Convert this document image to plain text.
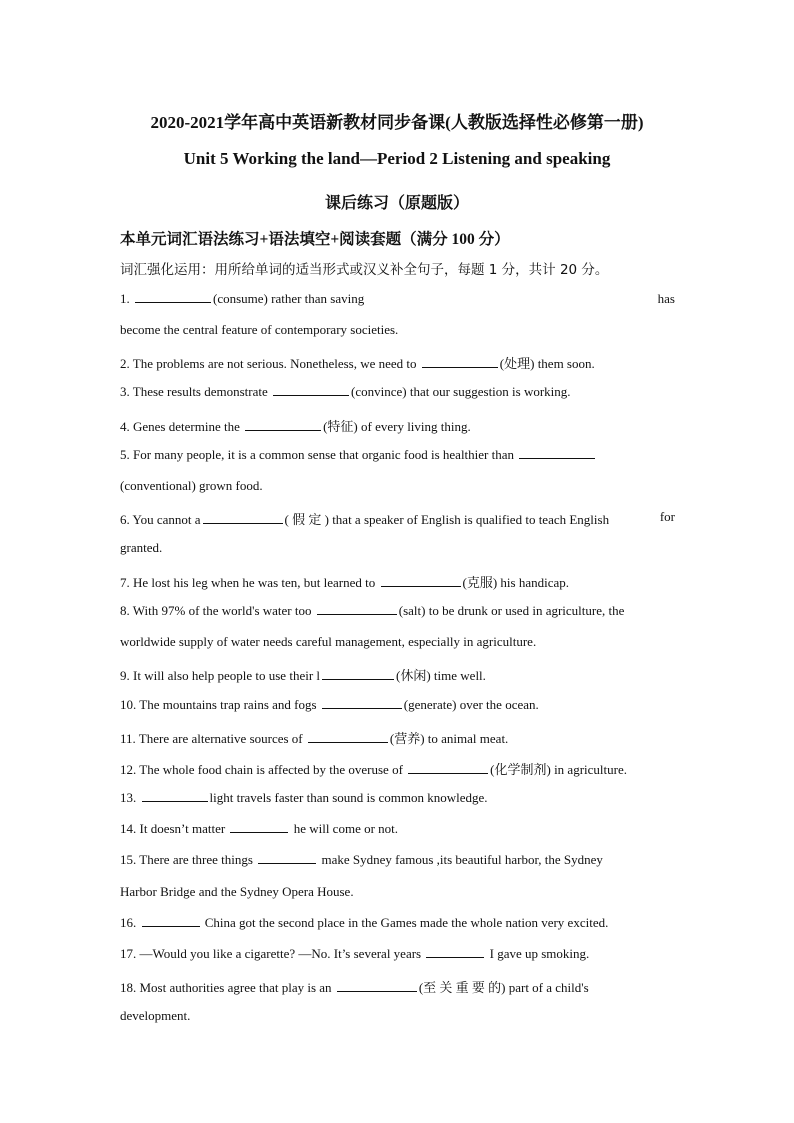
2020-2021学年高中英语新教材同步备课(人教版选择性必修第一册)
Unit 5 Working the land—Period 2 Listening and speaking
课后练习（原题版）
本单元词汇语法练习+语法填空+阅读套题（满分 100 分）
词汇强化运用：用所给单词的适当形式或汉义补全句子，每题 1 分，共计 20 分。
1.	(consume) rather than saving	has
become the central feature of contemporary societies.
2. The problems are not serious. Nonetheless, we need to	(处理) them soon.
3. These results demonstrate	(convince) that our suggestion is working.
4. Genes determine the	(特征) of every living thing.
5. For many people, it is a common sense that organic food is healthier than
(conventional) grown food.
6. You cannot a	( 假 定 ) that a speaker of English is qualified to teach English	for
granted.
7. He lost his leg when he was ten, but learned to	(克服) his handicap.
8. With 97% of the world's water too	(salt) to be drunk or used in agriculture, the
worldwide supply of water needs careful management, especially in agriculture.
9. It will also help people to use their l	(休闲) time well.
10. The mountains trap rains and fogs	(generate) over the ocean.
11. There are alternative sources of	(营养) to animal meat.
12. The whole food chain is affected by the overuse of	(化学制剂) in agriculture.
13.	light travels faster than sound is common knowledge.
14. It doesn’t matter	he will come or not.
15. There are three things	make Sydney famous ,its beautiful harbor, the Sydney
Harbor Bridge and the Sydney Opera House.
16.	China got the second place in the Games made the whole nation very excited.
17. —Would you like a cigarette? —No. It’s several years	I gave up smoking.
18. Most authorities agree that play is an	(至 关 重 要 的) part of a child's
development.
